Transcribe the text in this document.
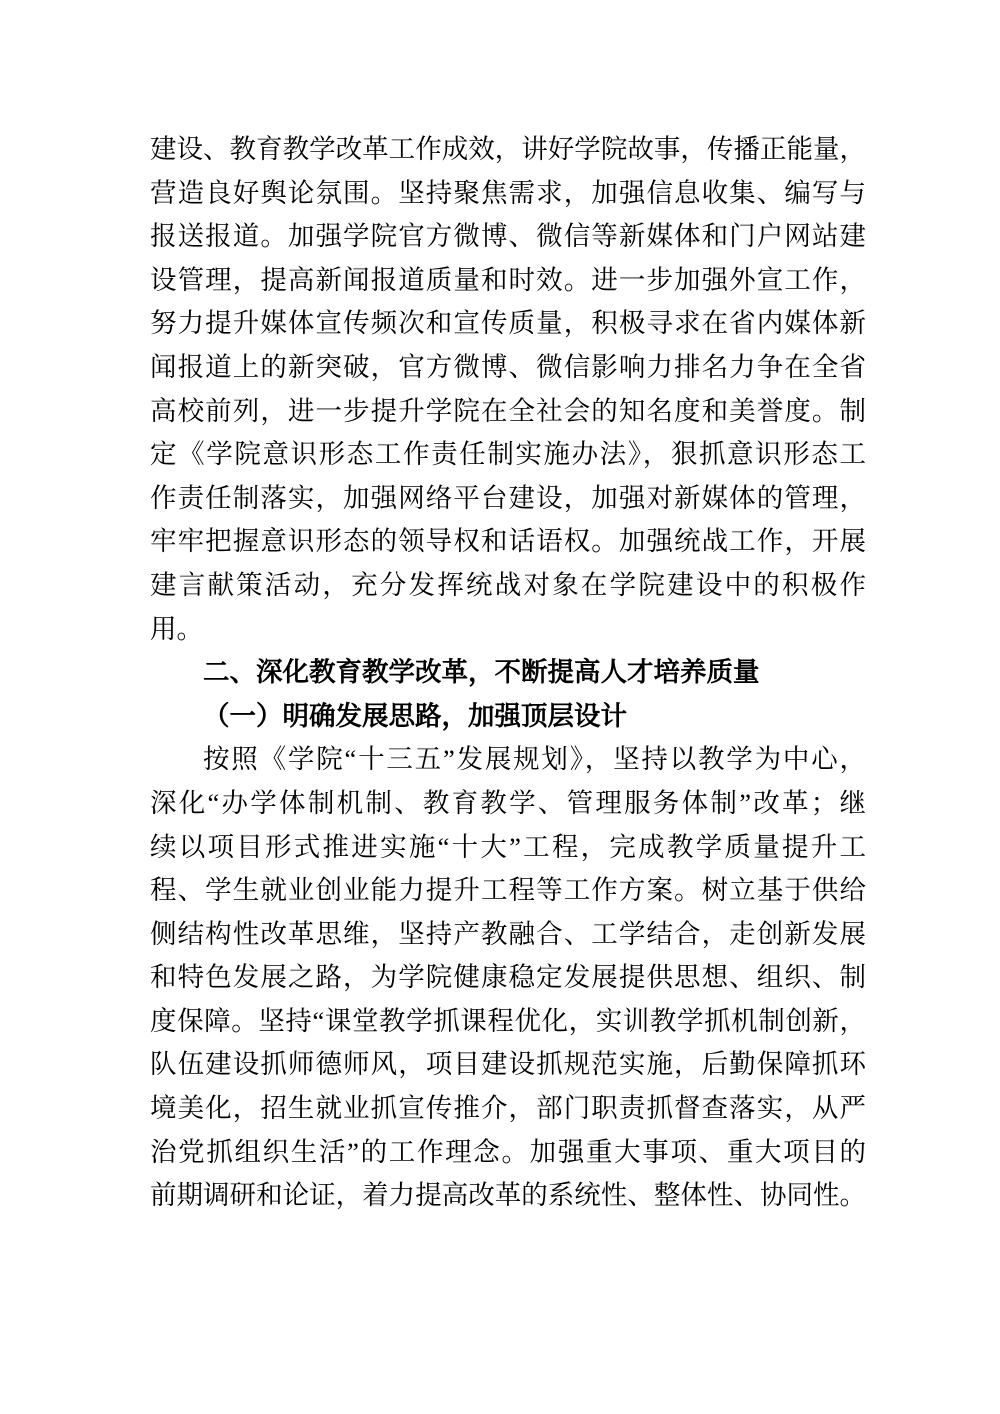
建设、教育教学改革工作成效，讲好学院故事，传播正能量，
营造良好舆论氛围。坚持聚焦需求，加强信息收集、编写与
报送报道。加强学院官方微博、微信等新媒体和门户网站建
设管理，提高新闻报道质量和时效。进一步加强外宣工作，
努力提升媒体宣传频次和宣传质量，积极寻求在省内媒体新
闻报道上的新突破，官方微博、微信影响力排名力争在全省
高校前列，进一步提升学院在全社会的知名度和美誉度。制
定《学院意识形态工作责任制实施办法》，狠抓意识形态工
作责任制落实，加强网络平台建设，加强对新媒体的管理，
牢牢把握意识形态的领导权和话语权。加强统战工作，开展
建言献策活动，充分发挥统战对象在学院建设中的积极作
用。
二、深化教育教学改革，不断提高人才培养质量
（一）明确发展思路，加强顶层设计
按照《学院“十三五”发展规划》，坚持以教学为中心，
深化“办学体制机制、教育教学、管理服务体制”改革；继
续以项目形式推进实施“十大”工程，完成教学质量提升工
程、学生就业创业能力提升工程等工作方案。树立基于供给
侧结构性改革思维，坚持产教融合、工学结合，走创新发展
和特色发展之路，为学院健康稳定发展提供思想、组织、制
度保障。坚持“课堂教学抓课程优化，实训教学抓机制创新，
队伍建设抓师德师风，项目建设抓规范实施，后勤保障抓环
境美化，招生就业抓宣传推介，部门职责抓督查落实，从严
治党抓组织生活”的工作理念。加强重大事项、重大项目的
前期调研和论证，着力提高改革的系统性、整体性、协同性。
